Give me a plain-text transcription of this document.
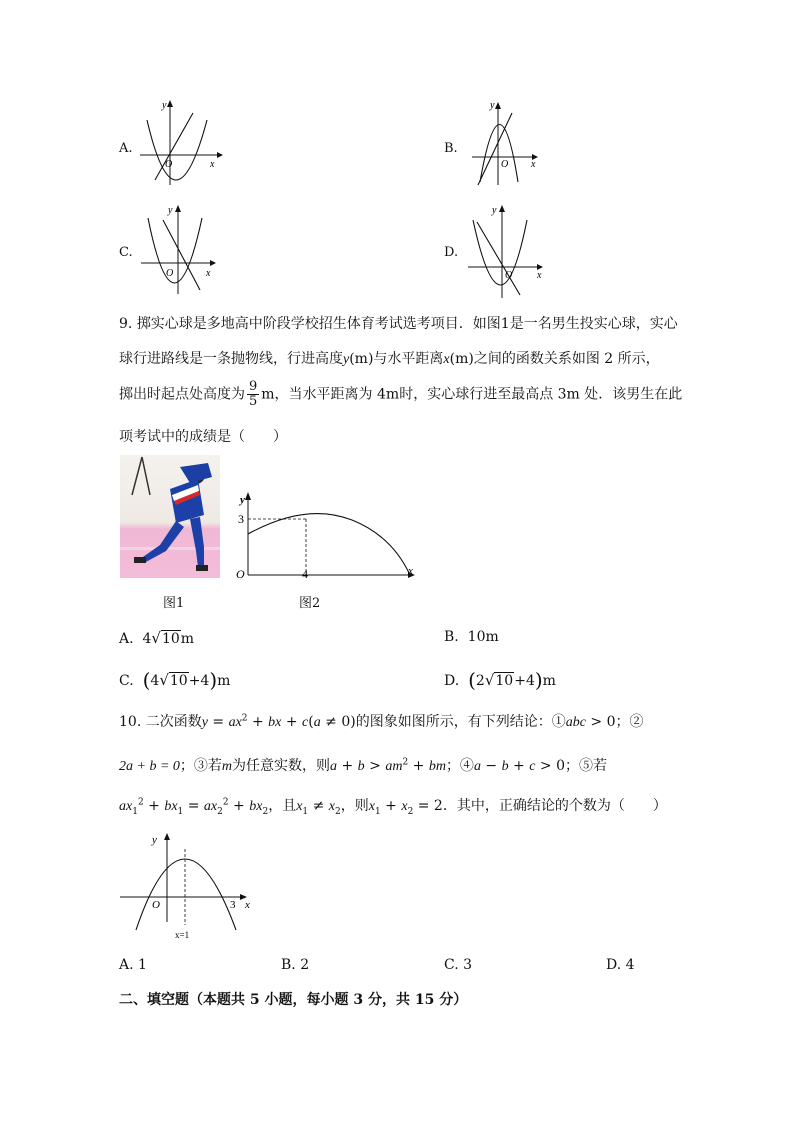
A.
y
x
O
B.
y
x
O
C.
y
x
O
D.
y
x
O
9. 掷实心球是多地高中阶段学校招生体育考试选考项目．如图1是一名男生投实心球，实心
球行进路线是一条抛物线，行进高度y(m)与水平距离x(m)之间的函数关系如图 2 所示，
掷出时起点处高度为 $\frac{9}{5}$ m，当水平距离为 4m时，实心球行进至最高点 3m 处．该男生在此
项考试中的成绩是（　　）
图1
y
x
O
3
4
图2
A. 4√10m	B. 10m
C. (4√10+4)m	D. (2√10+4)m
10. 二次函数$y = ax^2$ + bx + c(a ≠ 0)的图象如图所示，有下列结论：①abc > 0；②
2a + b = 0；③若m为任意实数，则$a + b > am^2$ + bm；④a − b + c > 0；⑤若
$ax_1^2 + bx_1 = ax_2^2 + bx_2$，且$x_1 \ne x_2$，则$x_1 + x_2 = 2$．其中，正确结论的个数为（　　）
y
x
O	3
x=1
A. 1	B. 2	C. 3	D. 4
二、填空题（本题共 5 小题，每小题 3 分，共 15 分）
